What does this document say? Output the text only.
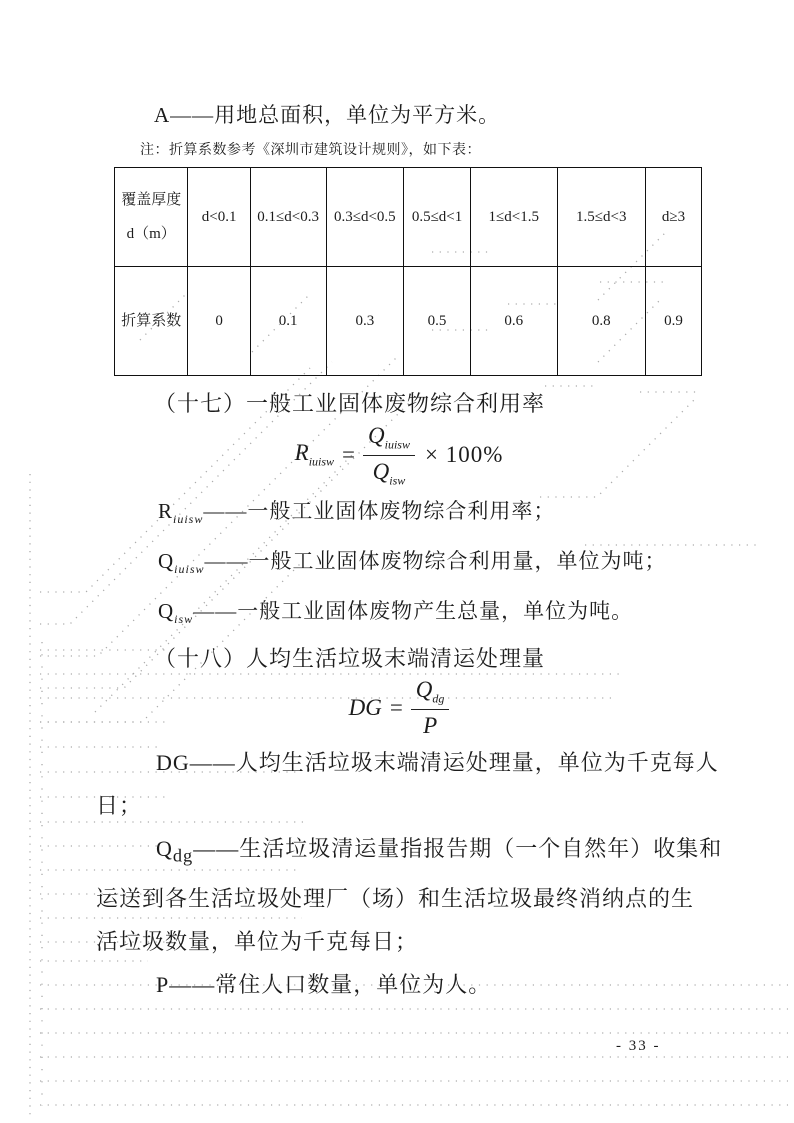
A——用地总面积，单位为平方米。
注：折算系数参考《深圳市建筑设计规则》，如下表：
覆盖厚度 d（m）	d<0.1	0.1≤d<0.3	0.3≤d<0.5	0.5≤d<1	1≤d<1.5	1.5≤d<3	d≥3
折算系数	0	0.1	0.3	0.5	0.6	0.8	0.9
（十七）一般工业固体废物综合利用率
$R_{iuisw} = \frac{Q_{iuisw}}{Q_{isw}} \times 100\%$
$R_{iuisw}——$一般工业固体废物综合利用率；
$Q_{iuisw}——$一般工业固体废物综合利用量，单位为吨；
$Q_{isw}——$一般工业固体废物产生总量，单位为吨。
（十八）人均生活垃圾末端清运处理量
DG = $\frac{Q_{dg}}{P}$
DG——人均生活垃圾末端清运处理量，单位为千克每人
日；
$Q_{dg}——$生活垃圾清运量指报告期（一个自然年）收集和
运送到各生活垃圾处理厂（场）和生活垃圾最终消纳点的生
活垃圾数量，单位为千克每日；
P——常住人口数量，单位为人。
- 33 -
